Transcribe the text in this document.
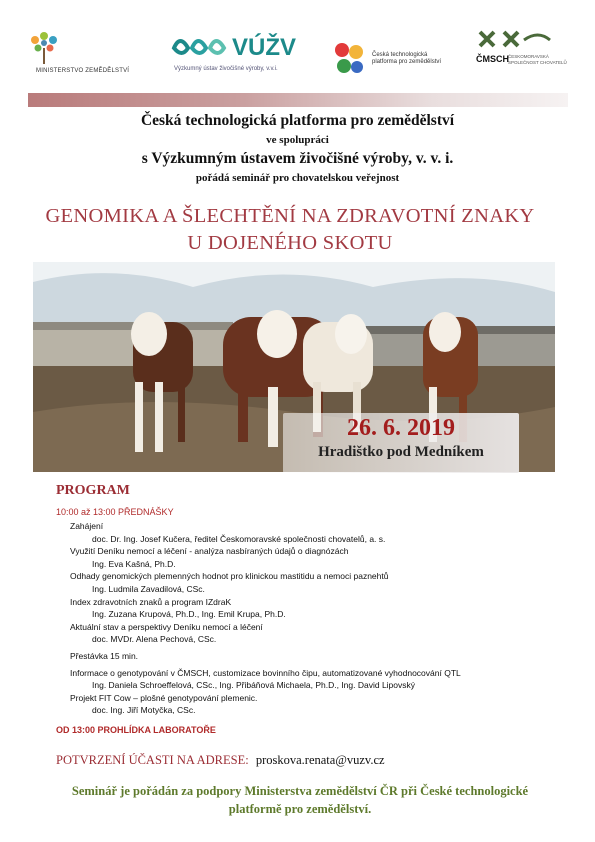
MINISTERSTVO ZEMĚDĚLSTVÍ
VÚŽV
Výzkumný ústav živočišné výroby, v.v.i.
Česká technologická platforma pro zemědělství	ČMSCH ČESKOMORAVSKÁ SPOLEČNOST CHOVATELŮ
Česká technologická platforma pro zemědělství
ve spolupráci
s Výzkumným ústavem živočišné výroby, v. v. i.
pořádá seminář pro chovatelskou veřejnost
GENOMIKA A ŠLECHTĚNÍ NA ZDRAVOTNÍ ZNAKY
U DOJENÉHO SKOTU
26. 6. 2019
Hradištko pod Medníkem
PROGRAM
10:00 až 13:00 PŘEDNÁŠKY
Zahájení
doc. Dr. Ing. Josef Kučera, ředitel Českomoravské společnosti chovatelů, a. s.
Využití Deníku nemocí a léčení - analýza nasbíraných údajů o diagnózách
Ing. Eva Kašná, Ph.D.
Odhady genomických plemenných hodnot pro klinickou mastitidu a nemoci paznehtů
Ing. Ludmila Zavadilová, CSc.
Index zdravotních znaků a program IZdraK
Ing. Zuzana Krupová, Ph.D., Ing. Emil Krupa, Ph.D.
Aktuální stav a perspektivy Deníku nemocí a léčení
doc. MVDr. Alena Pechová, CSc.
Přestávka 15 min.
Informace o genotypování v ČMSCH, customizace bovinního čipu, automatizované vyhodnocování QTL
Ing. Daniela Schroeffelová, CSc., Ing. Přibáňová Michaela, Ph.D., Ing. David Lipovský
Projekt FIT Cow – plošné genotypování plemenic.
doc. Ing. Jiří Motyčka, CSc.
OD 13:00 PROHLÍDKA LABORATOŘE
POTVRZENÍ ÚČASTI NA ADRESE: proskova.renata@vuzv.cz
Seminář je pořádán za podpory Ministerstva zemědělství ČR při České technologické
platformě pro zemědělství.
